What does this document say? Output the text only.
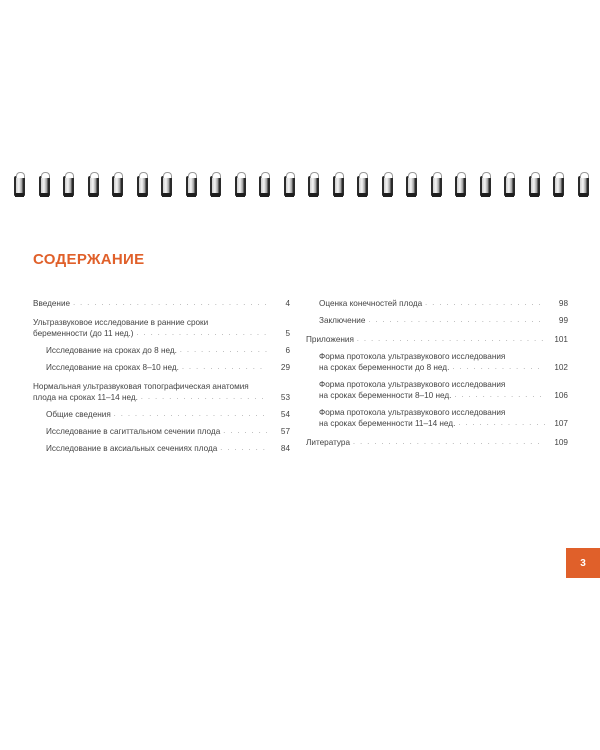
СОДЕРЖАНИЕ
Введение . . .	4
Ультразвуковое исследование в ранние сроки
беременности (до 11 нед.) . . .	5
Исследование на сроках до 8 нед. . . .	6
Исследование на сроках 8–10 нед. . . .	29
Нормальная ультразвуковая топографическая анатомия
плода на сроках 11–14 нед. . . .	53
Общие сведения . . .	54
Исследование в сагиттальном сечении плода . . .	57
Исследование в аксиальных сечениях плода . . .	84
Оценка конечностей плода . . .	98
Заключение . . .	99
Приложения . . .	101
Форма протокола ультразвукового исследования
на сроках беременности до 8 нед. . . .	102
Форма протокола ультразвукового исследования
на сроках беременности 8–10 нед. . . .	106
Форма протокола ультразвукового исследования
на сроках беременности 11–14 нед. . . .	107
Литература . . .	109
3
